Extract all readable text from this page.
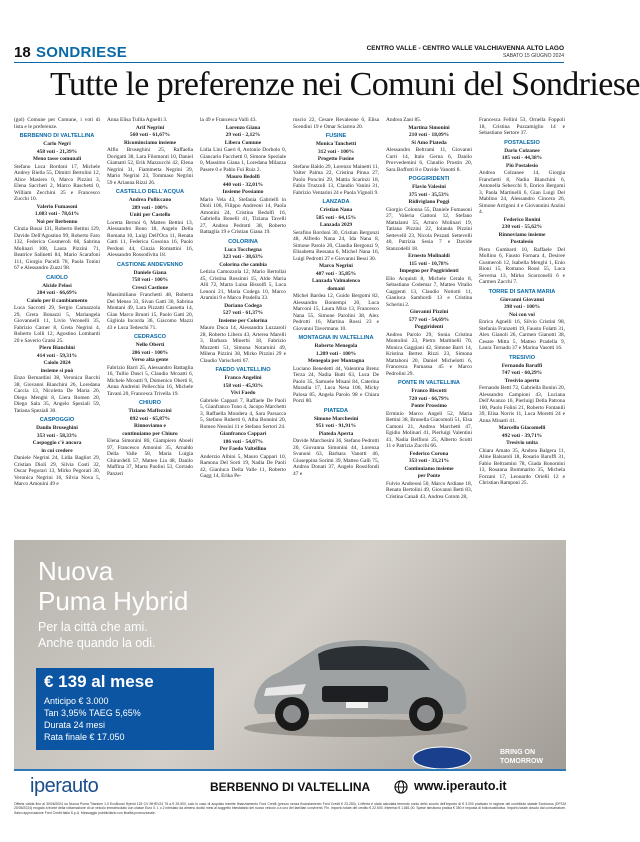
18 SONDRIESE	CENTRO VALLE - CENTRO VALLE VALCHIAVENNA ALTO LAGO
SABATO 15 GIUGNO 2024
Tutte le preferenze nei Comuni del Sondriese

(gol) Comune per Comune, i voti di lista e le preferenze.

BERBENNO DI VALTELLINA

Carlo Negri

458 voti - 21,39%

Meno tasse comunali

Stefano Luca Bordoni 17, Michele Andrey Biella 55, Dimitri Bertolini 12, Alice Masiero 0, Marco Pizzini 3, Elena Saccheri 2, Marco Raschetti 0, William Zecchini 25 e Francesco Zucchi 10.

Valerio Fumasoni

1.083 voti - 78,61%

Noi per Berbenno

Cinzia Busai 131, Roberto Bettini 129, Davide Dell'Agostino 99, Roberto Faro 132, Federica Gusmeroli 68, Sabrina Molinari 108, Laura Pizzini 71, Beatrice Salinetti 84, Mario Scarafoni 111, Giorgio Pacelli 78, Paola Tonini 67 e Alessandro Zuzzi 98.

CAIOLO

Alcide Pelosi

284 voti - 66,69%

Caiolo per il cambiamento

Luca Saccotti 29, Sergio Carnazzola 29, Greta Bonazzi 5, Mariangela Giovannelli 11, Livio Veronelli 35, Fabrizio Carner 8, Greta Negrini 4, Roberto Lolli 12, Agostino Lombardi 20 e Saverio Gratsi 25.

Piero Bianchini

414 voti - 59,31%

Caiolo 2024

insieme si può

Enzo Bernardini 38, Veronica Bacchi 38, Giovanni Bianchini 26, Loredana Caccia 13, Nicoletta De Maria 26, Diego Menghi 8, Liera Romen 20, Diego Sala 35, Angelo Speziali 59, Tatiana Speziali 30.

CASPOGGIO

Danilo Bruseghini

353 voti - 58,33%

Caspoggio c'è ancora

in cui credere

Daniele Negrini 24, Lidia Bagliot 29, Cristian Dioli 29, Silvia Costi 32, Oscar Pegorari 13, Mirko Pegorari 30, Veronica Negrini 16, Silvia Nova 5, Marco Amonini 49 e

Anna Elisa Tullia Agnelli 3.

Arif Negrini

560 voti - 61,67%

Ricominciamo insieme

Alfio Bruseghini 25, Raffaella Dorigatti 38, Lara Filomonti 10, Daniel Giamatti 52, Erik Mazzucchi 42, Elena Negrini 31, Fiammetta Negrini 39, Mario Negrini 23, Tommaso Negrini 59 e Arianna Rizzi 26.

CASTELLO DELL'ACQUA

Andrea Polliccano

289 voti - 100%

Uniti per Castello

Loretta Bernoi 6, Matteo Bettini 13, Alessandro Bono 18, Angelo Della Romana 10, Luigi Dell'Oca 11, Renata Gatti 11, Federica Gosoina 16, Paolo Perdoni 44, Cinzia Romattini 16, Alessandro Rossodivita 18.

CASTIONE ANDEVENNO

Daniele Giana

758 voti - 100%

Cresci Castione

Massimiliano Franchetti 48, Roberta Del Menso 33, Sivan Gatti 30, Sabrina Montani 49, Lara Pizzatti Cassetta 14, Gian Marco Brunti 15, Paolo Gatti 20, Gigliola Incorda 36, Giacomo Mazzi 43 e Luca Tedeschi 71.

CEDRASCO

Nello Oberti

206 voti - 100%

Verso alta gente

Fabrizio Barri 25, Alessandro Battaglia 16, Tullio Dusci 5, Claudio Mcoatti 6, Michele Mcoatti 9, Domenico Oberti 8, Anna Andreini Pellecchia 16, Michele Tavani 20, Francesca Trivella 19.

CHIURO

Tiziano Maffezzini

892 voti - 65,87%

Rinnoviamo e

continuiamo per Chiuro

Elena Simonini 86, Giampiero Aboeli 97, Francesco Amonini 35, Arnaldo Della Valle 58, Maria Luigia Ghirardelli 57, Matteo Lia 48, Danilo Maffina 37, Marta Paolini 53, Corrado Panzeri

la 49 e Francesca Valli 43.

Lorenzo Giana

29 voti - 2,12%

Libera Comune

Lidia Lini Gaeri 0, Antonio Dorbolo 0, Giancarlo Facchetti 0, Simone Speziale 0, Massimo Giana 1, Loredana Milazza Pasere 0 e Pablo Fui Ruiz 2.

Mauro Bedolfi

440 voti - 32,01%

Insieme Possiamo

Mario Vela 43, Stefania Gabrielli in Dioli 106, Filippo Andreoni 14, Paola Amonini 24, Cristina Bedolfi 16, Gabriella Bonelli 41, Tiziana Tavelli 27, Andrea Pedrotti 38, Roberto Battaglia 19 e Cristian Giana 19.

COLORINA

Luca Tocchegna

323 voti - 38,63%

Colorina che cambia

Letizia Camozzola 12, Mario Bertollai 45, Cristina Rossinni 15, Aldo Maria Alli 72, Marta Luisa Bissolfi 5, Luca Lenoni 21, Maria Codega 10, Marco Aramini 9 e Marco Pradella 33.

Doriano Codega

527 voti - 61,37%

Insieme per Colorina

Mauro Duca 14, Alessandra Luzzaroli 28, Roberto Libera 43, Arterea Marelli 3, Barbara Minerbi 18, Fabrizio Muzzetti 51, Simona Notarnini 49, Milena Pizzini 38, Mirko Pizzini 29 e Claudio Varischetti 67.

FAEDO VALTELLINO

Franco Angelini

158 voti - 45,93%

Vivi Faedo

Gabriele Cappari 7, Raffaele De Paoli 5, Gianfranco Tono 4, Jacopo Marchetti 3, Raffaella Mondera 4, Sara Parsacca 5, Stefano Ruberti 6, Alba Bonnini 20, Romeo Nessini 11 e Stefano Sertori 24.

Gianfranco Cappari

186 voti - 54,07%

Per Faedo Valtellino

Anderzio Albini 5, Mauro Cappari 10, Ramona Del Sorti 19, Nadia De Paoli 42, Gianluca Della Valle 11, Roberto Gagg 14, Erika Pe-

ruscio 22, Cesare Revaleone 6, Elisa Scendini 19 e Omar Sciarrea 20.

FUSINE

Monica Tanchetti

312 voti - 100%

Progetto Fusine

Stefano Baldo 29, Lorenzo Mainetti 11, Valter Palma 22, Cristina Pinna 27, Paolo Poncini 29, Mattia Scarinzi 18, Fabio Truzzoli 13, Claudio Vanini 31, Fabrizio Ventarini 24 e Paola Vignoli 9.

LANZADA

Cristian Nana

585 voti - 64,15%

Lanzada 2029

Serafino Bordoni 30, Cristian Bergonzi 48, Alfredo Nana 24, Ida Nana 8, Simone Parolo 20, Claudia Bergonzi 9, Elisabetta Bessana 6, Michel Nana 16, Luigi Pedrotti 27 e Giovanni Bessi 30.

Marco Negrini

487 voti - 35,85%

Lanzada Valmalenco

domani

Michel Bardea 12, Guido Bergomi 82, Alessandro Bontempi 20, Luca Marconi 15, Laura Mira 13, Francesco Nana 55, Simone Parolini 38, Alex Pedrotti 16, Martina Rossi 23 e Giovanni Tavermanu 10.

MONTAGNA IN VALTELLINA

Roberto Menegola

1.209 voti - 100%

Menegola per Montagna

Luciano Benedetti 44, Valentina Brenz Terza 24, Nadia Butti 63, Luca De Paolo 35, Samuele Misani 84, Caterina Muradia 17, Luca Nesa 106, Micky Palosa 85, Angela Parolo 98 e Chiara Porzi 80.

PIATEDA

Simone Marchesini

951 voti - 91,91%

Piateda Aperta

Davide Marchesini 36, Stefano Pedrotti 20, Giovanna Simonini 44, Lorenza Svanoni 63, Barbara Vanotti 46, Giuseppina Sorimi 39, Matteo Galli 75, Andrea Donati 37, Angelo Rossifondi 47 e

Andrea Zani 85.

Martina Simonini

210 voti - 18,09%

Si Amo Piateda

Alessandro Beltrami 11, Giovanni Curti 14, Italo Gerna 6, Danilo Provvedemini 6, Claudio Prostin 20, Sara Boffotti 8 e Davide Vanotti 8.

POGGIRIDENTI

Flavio Valesini

375 voti - 35,53%

Ridiviglano Poggi

Giorgio Colonna 55, Daniele Fumasoni 27, Valeria Gattoni 12, Stefano Mattalami 55, Arturo Molinari 19, Tatiana Pizzini 22, Iolanda Pizzini Settevelli 23, Nicola Pezzati Settevelli 40, Patrizia Sesia 7 e Davide Stanzodelli 18.

Ernesto Molinaldi

115 voti - 10,78%

Impegno per Poggiridenti

Elio Acquisti 8, Michele Ceralo 8, Sebastiano Codemar 7, Matteo Vitalio Gaggenti 13, Claudio Notiotti 11, Gianluca Sambordi 13 e Cristina Scherini 2.

Giovanni Pizzini

577 voti - 54,69%

Poggiridenti

Andrea Parolo 29, Sonia Cristina Montolini 23, Pietro Martinelli 70, Monica Gaggiani 42, Simone Barri 14, Kristina Bertez Rizzi 23, Simona Mattaboni 20, Daniel Michelotti 6, Francesca Parnassa 45 e Marco Pedrolini 29.

PONTE IN VALTELLINA

Franco Biscotti

720 voti - 66,79%

Ponte Prossimo

Erminio Marco Angeli 52, Maria Bettini 38, Brunella Giacomoli 51, Elsa Camoni 21, Andrea Marchetti 47, Egidio Molinari 41, Pierluigi Valentini 41, Nadia Belfioni 25, Alberto Scotti 11 e Patrizia Zucchi 66.

Federico Corona

353 voti - 33,21%

Continuiamo insieme

per Ponte

Fulvio Andreoni 50, Marco Ardiane 18, Renato Bertolini 49, Giovanni Betti 83, Cristina Canali 43, Andrea Cotom 28,

Francesca Fellini 53, Ornella Foppoli 18, Cristina Puzzamiglio 14 e Sebastiano Sertore 37.

POSTALESIO

Dario Colzanee

185 voti - 44,38%

Più Postalesio

Andrea Colzanee 14, Giorgia Franchetti 8, Nadia Bianchini 6, Antonella Sebecchi 9, Enrico Bergomi 3, Paola Martinelli 6, Gian Luigi Del Mablino 24, Alessandro Cincera 26, Simone Arrigoni 4 e Giovannini Anzini 4.

Federico Bonini

230 voti - 55,62%

Rinnoviamo insieme

Postalesio

Piero Gumbard 10, Raffaele Del Mollino 6, Fausto Fornara 4, Desiree Gusmeroli 12, Isabella Menghi 1, Enio Bioni 15, Romano Rossi 55, Luca Severna 13, Mirko Scarzonelli 6 e Carmen Zacchi 7.

TORRE DI SANTA MARIA

Giovanni Giovanni

398 voti - 100%

Noi con voi

Enrica Agnelli 16, Silvio Cristini 98, Stefania Franzetti 19, Fausto Folatti 31, Alex Gianoli 26, Carmen Gianotti 38, Cesare Mitta 5, Matteo Pradella 9, Laura Tornadu 37 e Marina Vasotti 16.

TRESIVIO

Fernando Baruffi

747 voti - 60,29%

Tresivio aperto

Fernando Betti 72, Gabriella Bonini 20, Alessandro Campioni 43, Luciana Dell'Avanzo 16, Pierluigi Della Patrona 100, Paolo Folini 21, Roberto Fontanili 39, Elisa Norris 11, Luca Moretti 24 e Anna Minatti 41.

Marcello Giacomelli

492 voti - 39,71%

Tresivio unita

Chiara Amato 35, Andrea Balgera 11, Aline Balsaroli 18, Rosario Baruffi 31, Fabio Beltramini 78, Giada Bonomini 13, Rosanna Bommarito 35, Michela Forzani 17, Leonardo Orielli 12 e Christian Ramponi 25.

Nuova
Puma Hybrid
Per la città che ami.
Anche quando la odi.
€ 139 al mese
Anticipo € 3.000
Tan 3,95% TAEG 5,65%
Durata 24 mesi
Rata finale € 17.050
BRING ON
TOMORROW
iperauto	BERBENNO DI VALTELLINA	www.iperauto.it
Offerta valida fino al 30/06/2024 su Nuova Puma Titanium 1.0 EcoBoost Hybrid 125 CV MHEV24 75 a € 25.500, solo in caso di acquisto tramite finanziamento Ford Credit (prezzo senza finanziamento Ford Credit € 23.250). L'offerta è stata calcolata tenendo conto dello sconto dell'importo di € 3.000 praticato in ragione del contributo statale Ecobonus (DPCM 20/05/2024) erogato a fronte della rottamazione di un veicolo immatricolato con classe Euro 0, 1 o 2 intestato da almeno dodici mesi al soggetto intestatario del nuovo veicolo o a uno dei familiari conviventi. Fin. Importo totale del credito € 22.500. Interessi € 1.881,00. Spese istruttoria pratica € 350 e imposta di bollo/sostitutiva. Importo totale dovuto dal consumatore. Salvo approvazione Ford Credit Italia S.p.A. Messaggio pubblicitario con finalità promozionale.
